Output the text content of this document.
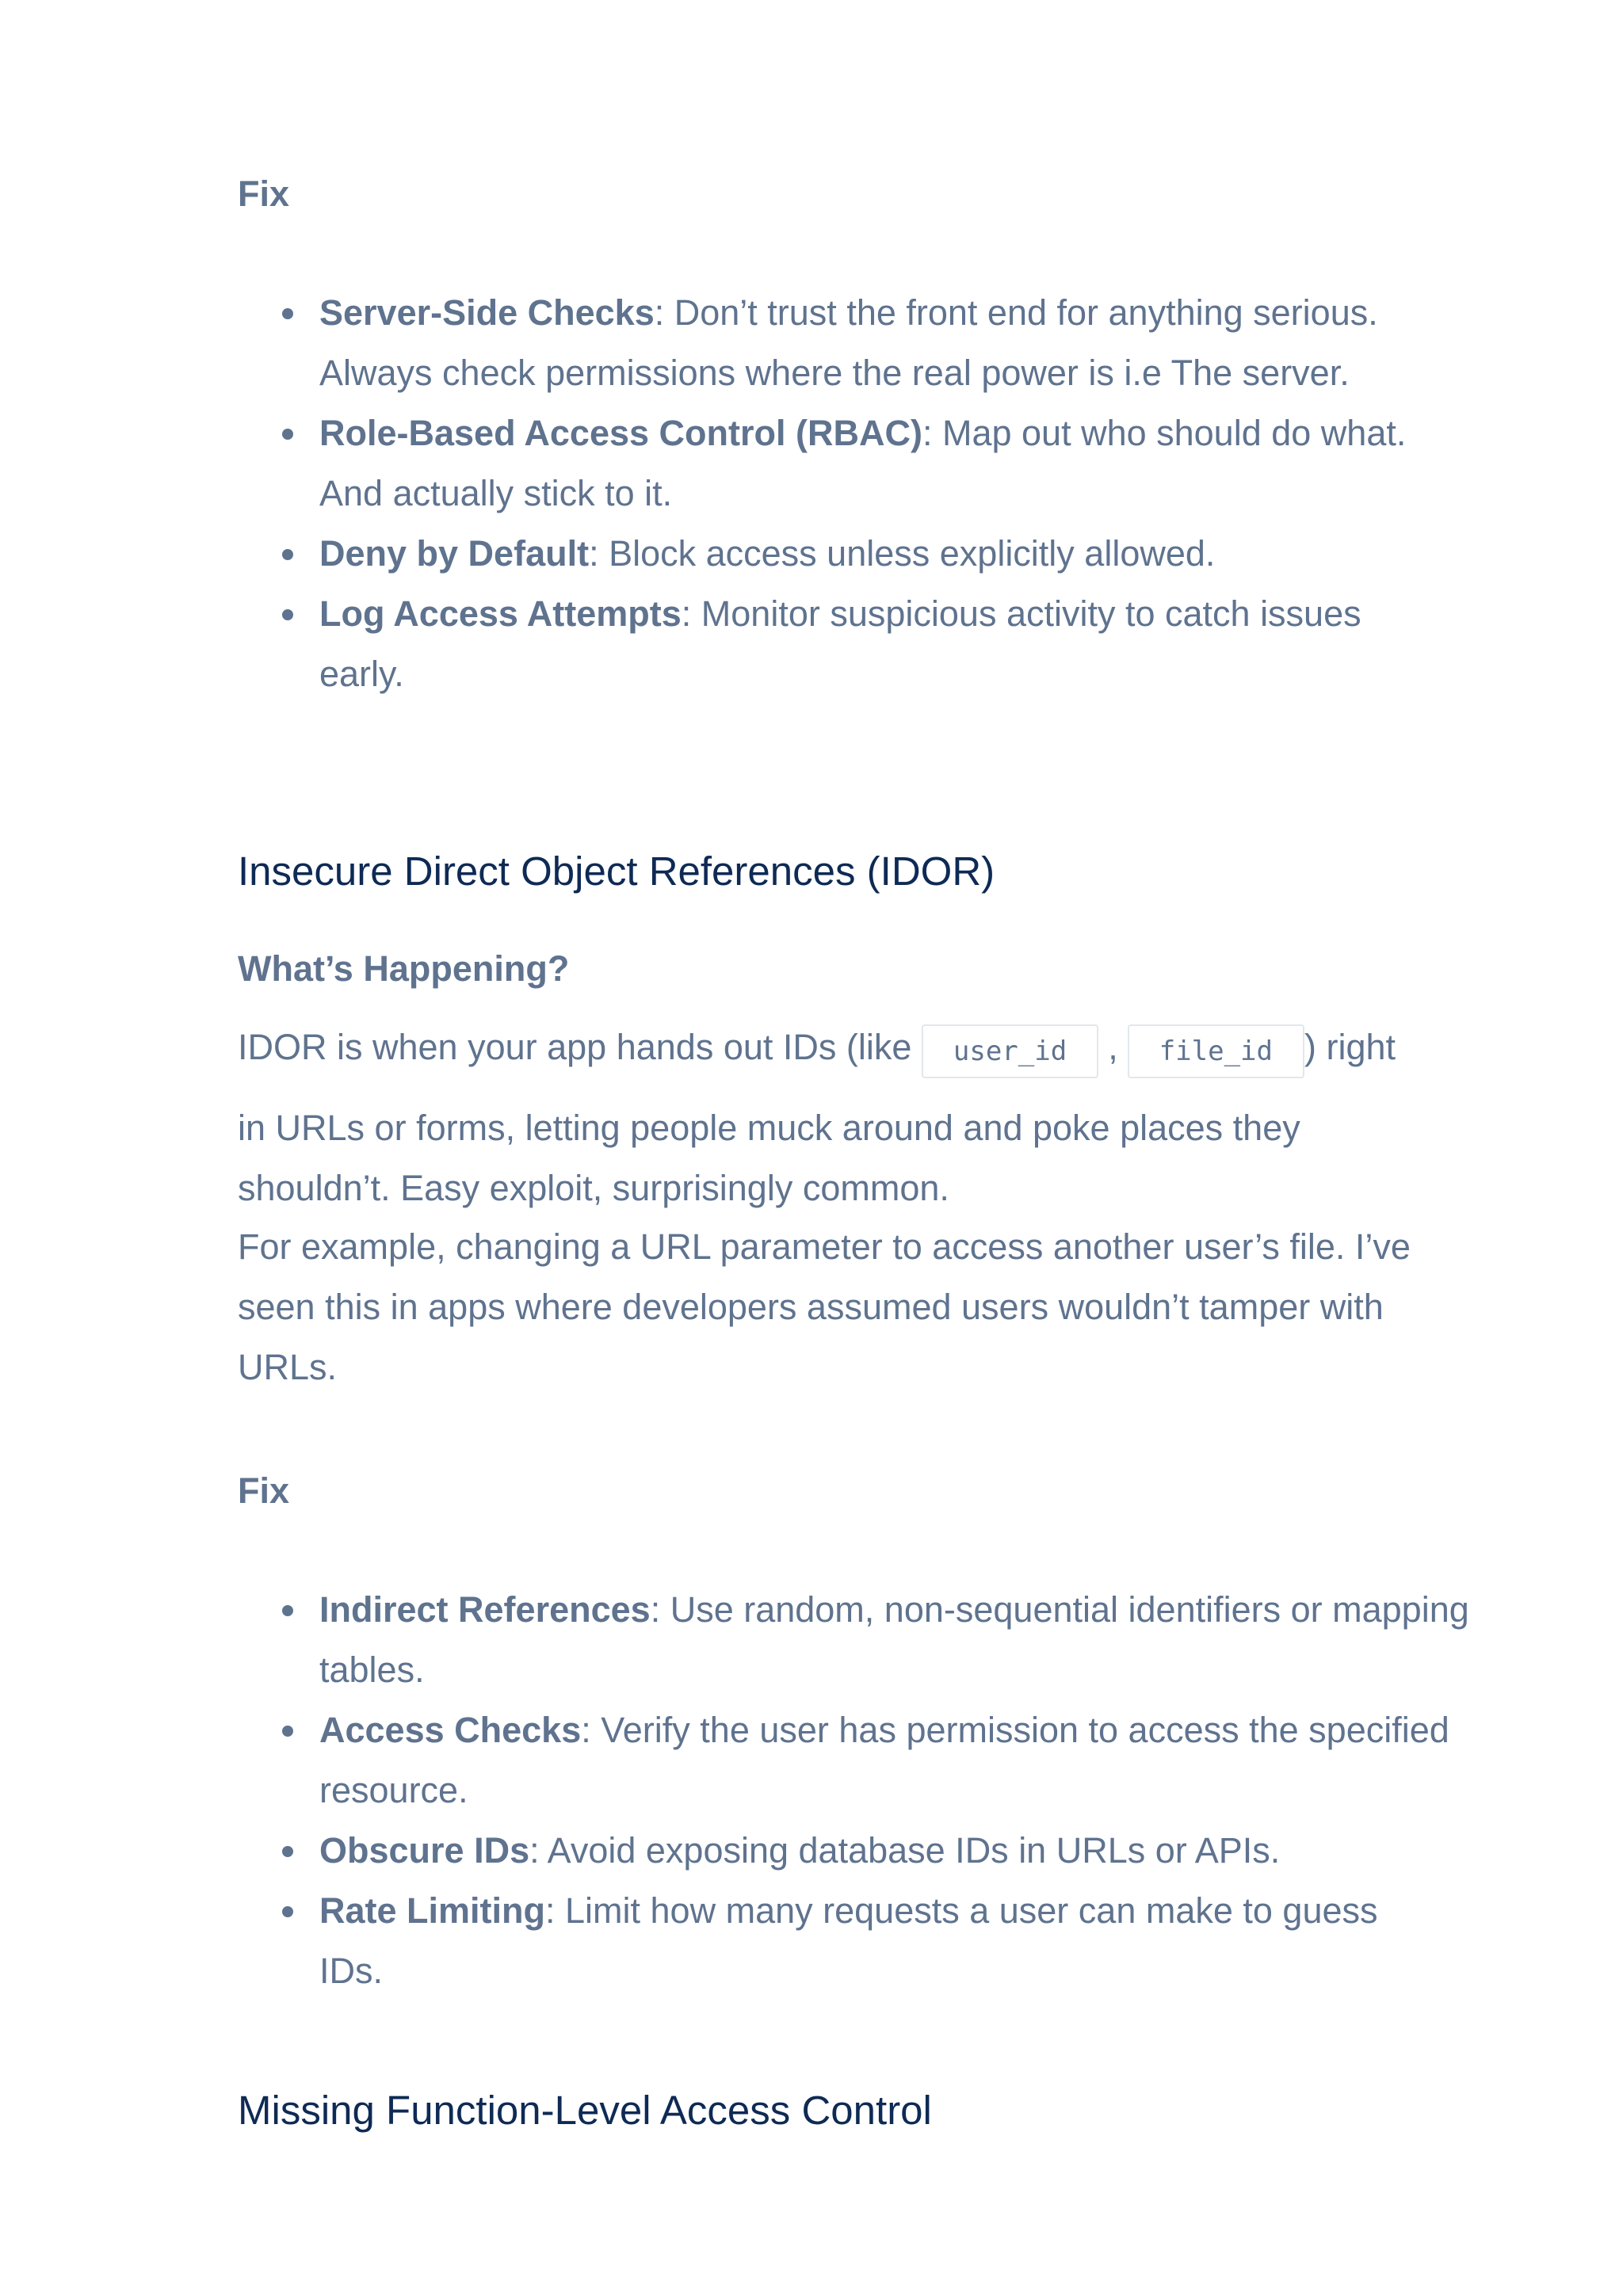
Fix
Server-Side Checks: Don’t trust the front end for anything serious. Always check permissions where the real power is i.e The server.
Role-Based Access Control (RBAC): Map out who should do what. And actually stick to it.
Deny by Default: Block access unless explicitly allowed.
Log Access Attempts: Monitor suspicious activity to catch issues early.
Insecure Direct Object References (IDOR)
What’s Happening?
IDOR is when your app hands out IDs (like user_id , file_id ) right

in URLs or forms, letting people muck around and poke places they shouldn’t. Easy exploit, surprisingly common.

For example, changing a URL parameter to access another user’s file. I’ve seen this in apps where developers assumed users wouldn’t tamper with URLs.

Fix
Indirect References: Use random, non-sequential identifiers or mapping tables.
Access Checks: Verify the user has permission to access the specified resource.
Obscure IDs: Avoid exposing database IDs in URLs or APIs.
Rate Limiting: Limit how many requests a user can make to guess IDs.
Missing Function-Level Access Control
